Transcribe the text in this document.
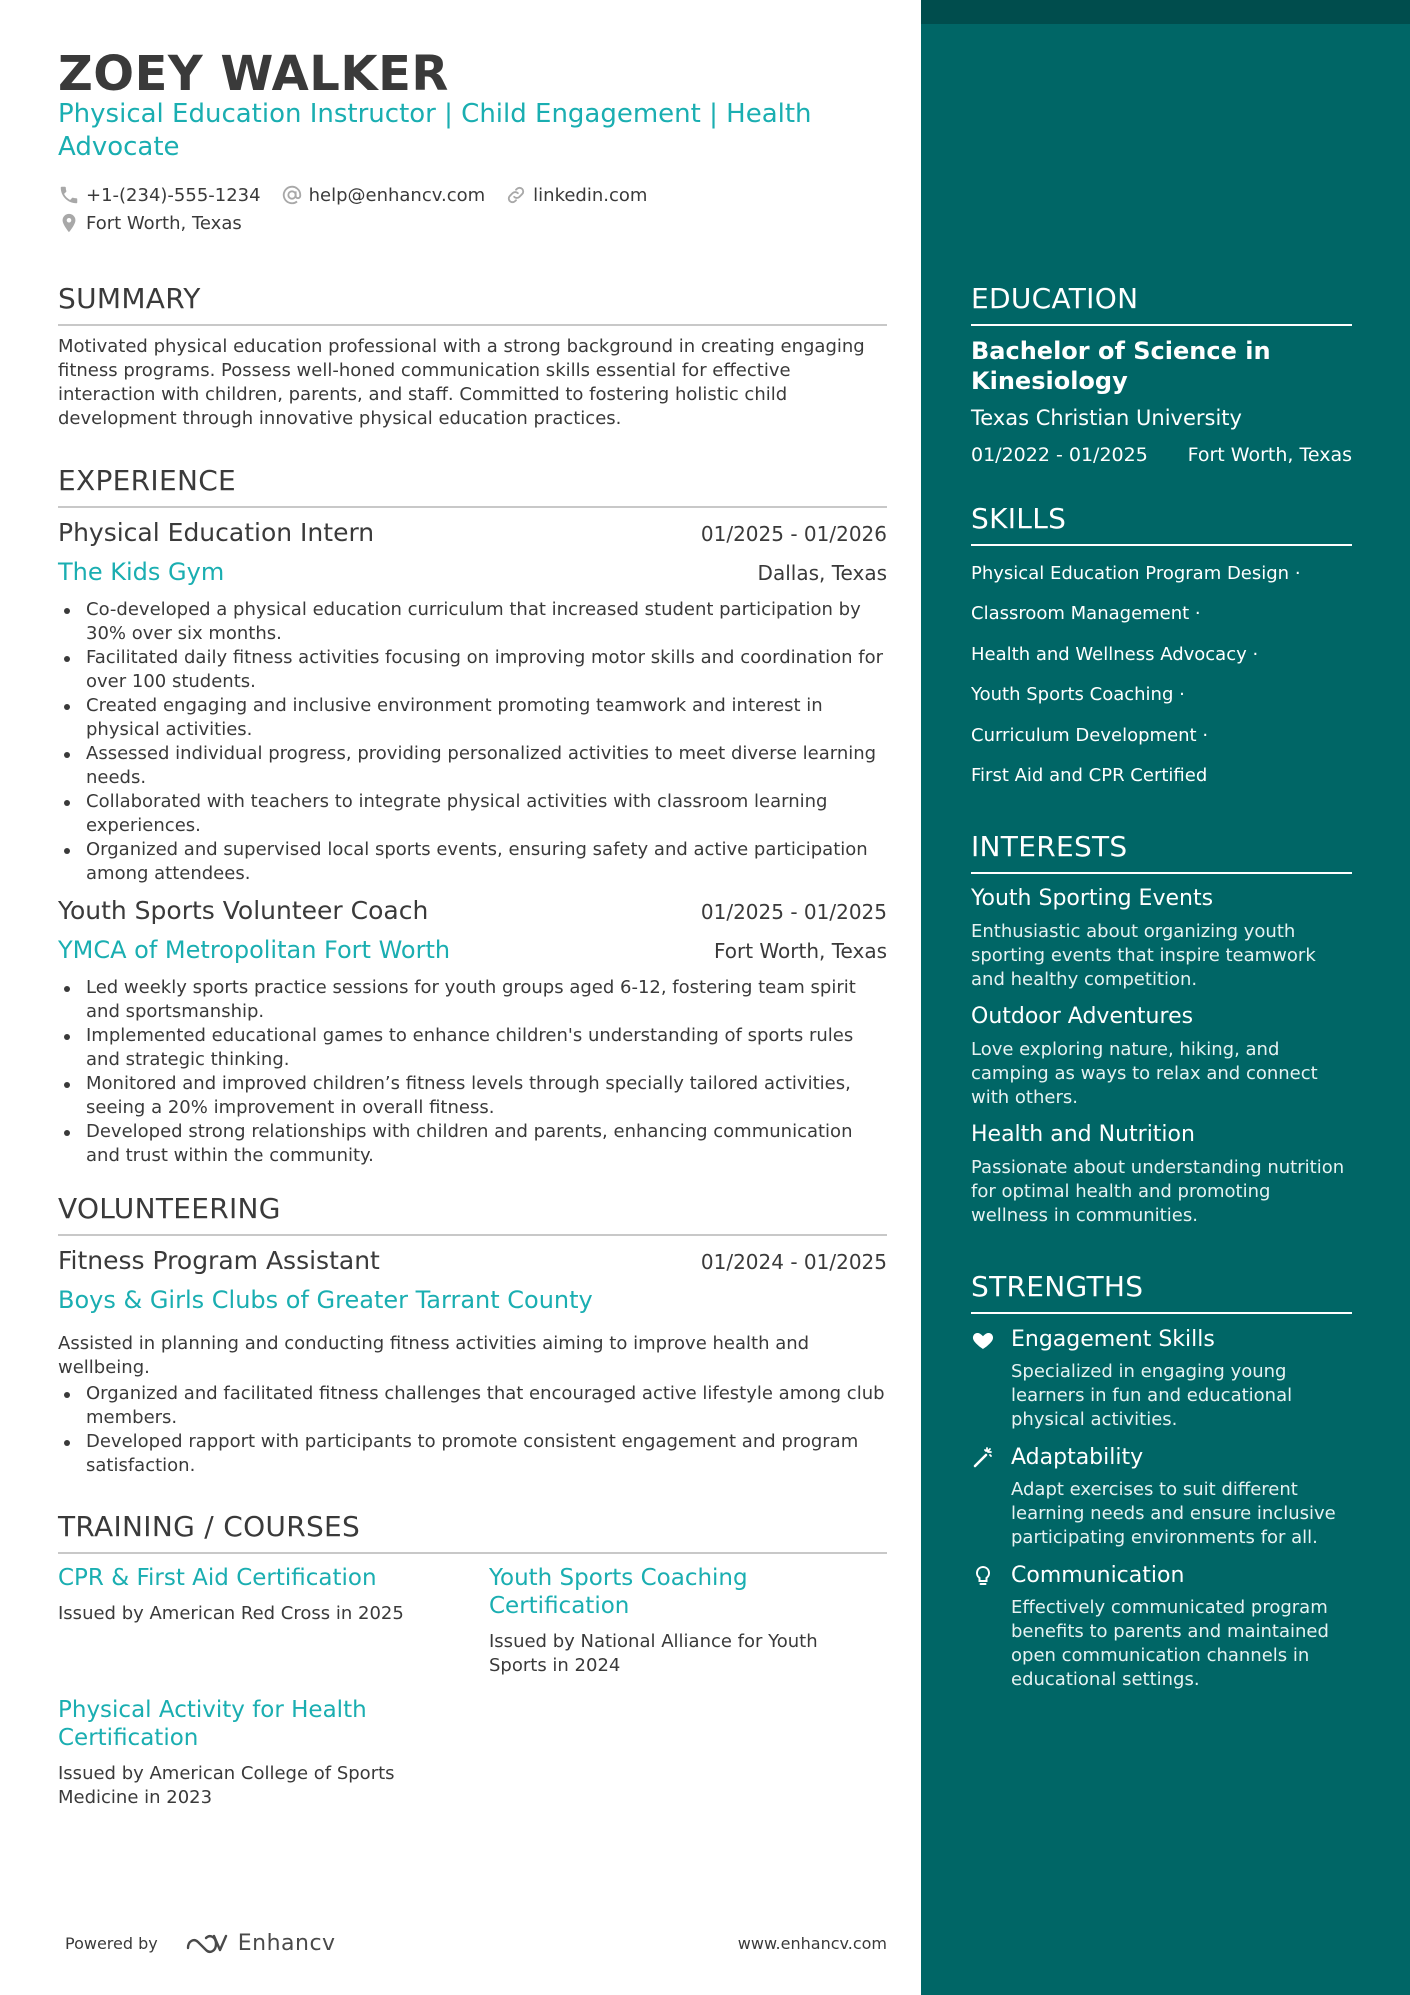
ZOEY WALKER
Physical Education Instructor | Child Engagement | Health Advocate
+1-(234)-555-1234	help@enhancv.com	linkedin.com
Fort Worth, Texas
SUMMARY
Motivated physical education professional with a strong background in creating engaging fitness programs. Possess well-honed communication skills essential for effective interaction with children, parents, and staff. Committed to fostering holistic child development through innovative physical education practices.
EXPERIENCE
Physical Education Intern	01/2025 - 01/2026
The Kids Gym	Dallas, Texas
Co-developed a physical education curriculum that increased student participation by 30% over six months.
Facilitated daily fitness activities focusing on improving motor skills and coordination for over 100 students.
Created engaging and inclusive environment promoting teamwork and interest in physical activities.
Assessed individual progress, providing personalized activities to meet diverse learning needs.
Collaborated with teachers to integrate physical activities with classroom learning experiences.
Organized and supervised local sports events, ensuring safety and active participation among attendees.
Youth Sports Volunteer Coach	01/2025 - 01/2025
YMCA of Metropolitan Fort Worth	Fort Worth, Texas
Led weekly sports practice sessions for youth groups aged 6-12, fostering team spirit and sportsmanship.
Implemented educational games to enhance children's understanding of sports rules and strategic thinking.
Monitored and improved children’s fitness levels through specially tailored activities, seeing a 20% improvement in overall fitness.
Developed strong relationships with children and parents, enhancing communication and trust within the community.
VOLUNTEERING
Fitness Program Assistant	01/2024 - 01/2025
Boys & Girls Clubs of Greater Tarrant County
Assisted in planning and conducting fitness activities aiming to improve health and wellbeing.
Organized and facilitated fitness challenges that encouraged active lifestyle among club members.
Developed rapport with participants to promote consistent engagement and program satisfaction.
TRAINING / COURSES
CPR & First Aid Certification
Issued by American Red Cross in 2025
Youth Sports Coaching Certification
Issued by National Alliance for Youth Sports in 2024
Physical Activity for Health Certification
Issued by American College of Sports Medicine in 2023
Powered by	Enhancv	www.enhancv.com
EDUCATION
Bachelor of Science in Kinesiology
Texas Christian University
01/2022 - 01/2025 Fort Worth, Texas
SKILLS
Physical Education Program Design ·
Classroom Management ·
Health and Wellness Advocacy ·
Youth Sports Coaching ·
Curriculum Development ·
First Aid and CPR Certified
INTERESTS
Youth Sporting Events
Enthusiastic about organizing youth sporting events that inspire teamwork and healthy competition.
Outdoor Adventures
Love exploring nature, hiking, and camping as ways to relax and connect with others.
Health and Nutrition
Passionate about understanding nutrition for optimal health and promoting wellness in communities.
STRENGTHS
Engagement Skills
Specialized in engaging young learners in fun and educational physical activities.
Adaptability
Adapt exercises to suit different learning needs and ensure inclusive participating environments for all.
Communication
Effectively communicated program benefits to parents and maintained open communication channels in educational settings.
